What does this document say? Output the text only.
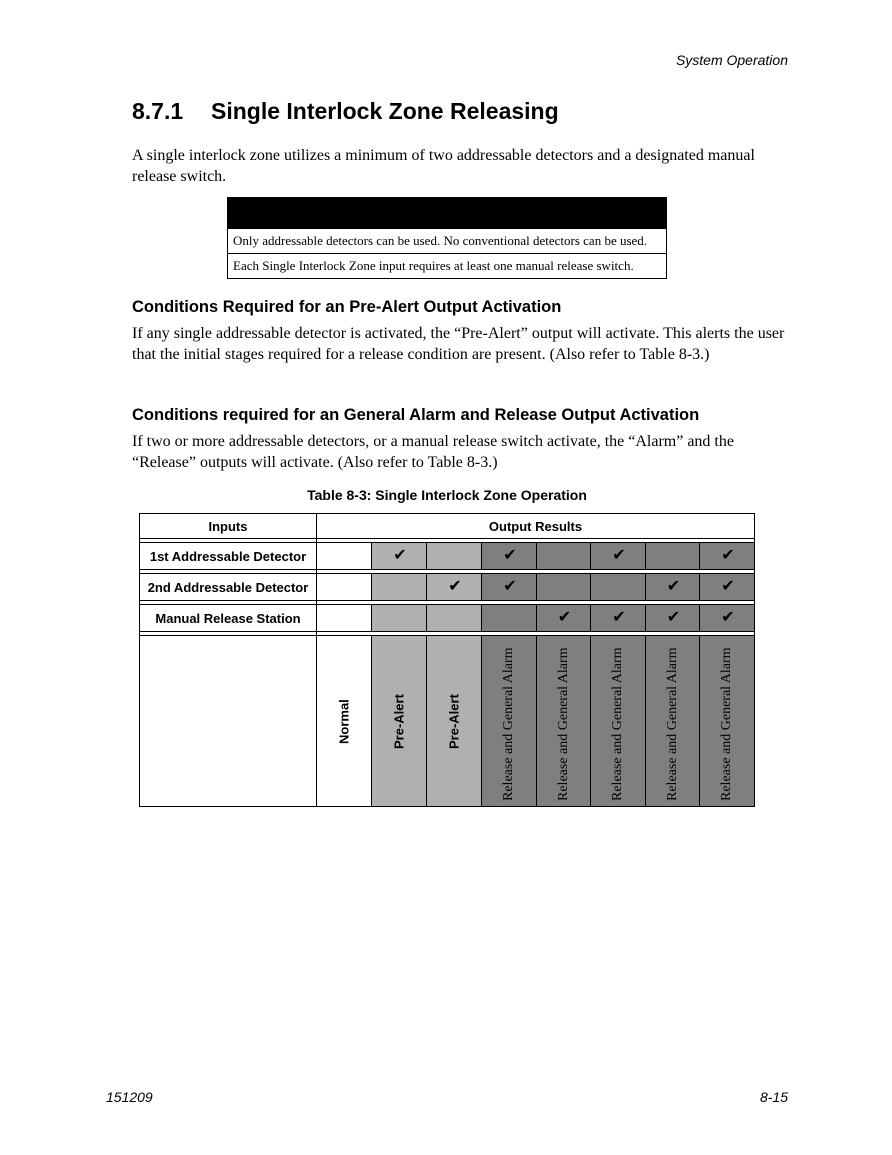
System Operation
8.7.1 Single Interlock Zone Releasing

A single interlock zone utilizes a minimum of two addressable detectors and a designated manual release switch.

Only addressable detectors can be used. No conventional detectors can be used.
Each Single Interlock Zone input requires at least one manual release switch.
Conditions Required for an Pre-Alert Output Activation

If any single addressable detector is activated, the “Pre-Alert” output will activate. This alerts the user that the initial stages required for a release condition are present. (Also refer to Table 8-3.)

Conditions required for an General Alarm and Release Output Activation

If two or more addressable detectors, or a manual release switch activate, the “Alarm” and the “Release” outputs will activate. (Also refer to Table 8-3.)

Table 8-3: Single Interlock Zone Operation
Inputs	Output Results							

1st Addressable Detector		✔		✔		✔		✔

2nd Addressable Detector			✔	✔			✔	✔

Manual Release Station					✔	✔	✔	✔

	Normal	Pre-Alert	Pre-Alert	Release and General Alarm	Release and General Alarm	Release and General Alarm	Release and General Alarm	Release and General Alarm
151209	8-15
